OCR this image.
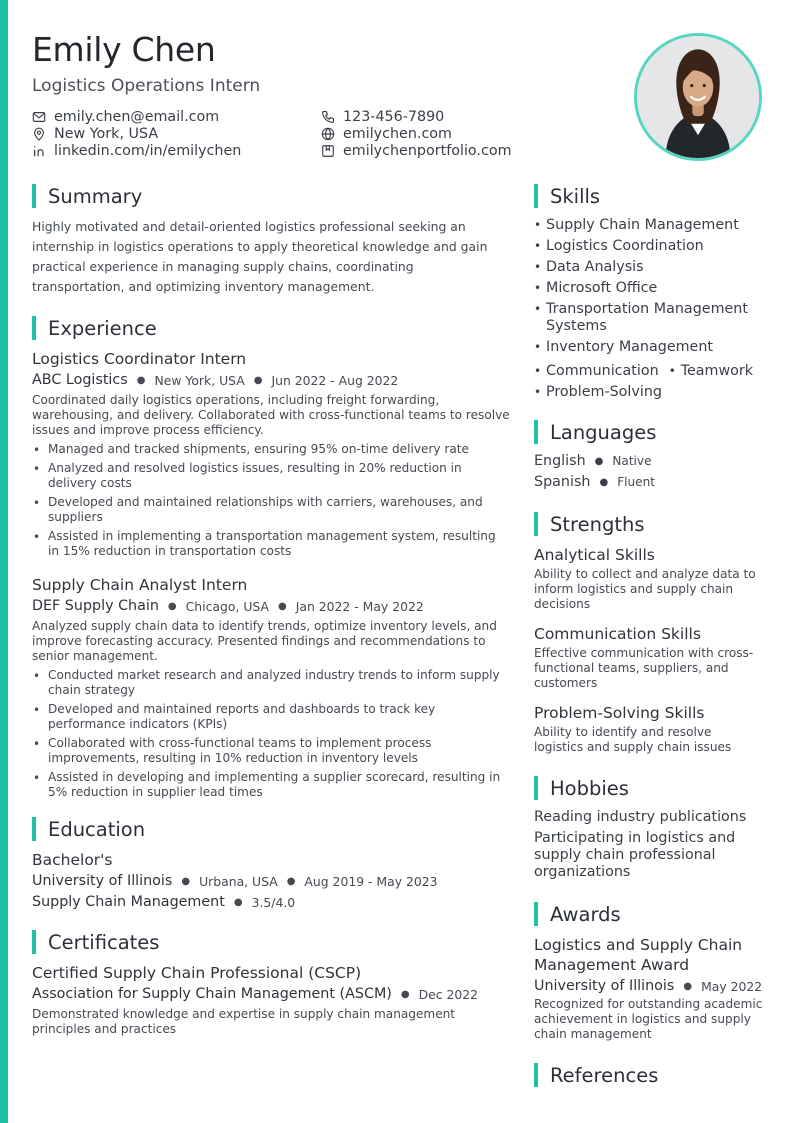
Emily Chen
Logistics Operations Intern
emily.chen@email.com	123-456-7890
New York, USA	emilychen.com
linkedin.com/in/emilychen	emilychenportfolio.com
Summary

Highly motivated and detail-oriented logistics professional seeking an internship in logistics operations to apply theoretical knowledge and gain practical experience in managing supply chains, coordinating transportation, and optimizing inventory management.

Experience
Logistics Coordinator Intern
ABC Logistics ● New York, USA ● Jun 2022 - Aug 2022

Coordinated daily logistics operations, including freight forwarding, warehousing, and delivery. Collaborated with cross-functional teams to resolve issues and improve process efficiency.

• Managed and tracked shipments, ensuring 95% on-time delivery rate
• Analyzed and resolved logistics issues, resulting in 20% reduction in delivery costs
• Developed and maintained relationships with carriers, warehouses, and suppliers
• Assisted in implementing a transportation management system, resulting in 15% reduction in transportation costs
Supply Chain Analyst Intern
DEF Supply Chain ● Chicago, USA ● Jan 2022 - May 2022

Analyzed supply chain data to identify trends, optimize inventory levels, and improve forecasting accuracy. Presented findings and recommendations to senior management.

• Conducted market research and analyzed industry trends to inform supply chain strategy
• Developed and maintained reports and dashboards to track key performance indicators (KPIs)
• Collaborated with cross-functional teams to implement process improvements, resulting in 10% reduction in inventory levels
• Assisted in developing and implementing a supplier scorecard, resulting in 5% reduction in supplier lead times
Education
Bachelor's
University of Illinois ● Urbana, USA ● Aug 2019 - May 2023
Supply Chain Management ● 3.5/4.0
Certificates
Certified Supply Chain Professional (CSCP)
Association for Supply Chain Management (ASCM) ● Dec 2022

Demonstrated knowledge and expertise in supply chain management principles and practices

Skills
• Supply Chain Management
• Logistics Coordination
• Data Analysis
• Microsoft Office
• Transportation Management Systems
• Inventory Management
• Communication• Teamwork
• Problem-Solving
Languages
English ● Native
Spanish ● Fluent
Strengths
Analytical Skills

Ability to collect and analyze data to inform logistics and supply chain decisions

Communication Skills

Effective communication with cross-functional teams, suppliers, and customers

Problem-Solving Skills

Ability to identify and resolve logistics and supply chain issues

Hobbies
Reading industry publications
Participating in logistics and supply chain professional organizations
Awards
Logistics and Supply Chain Management Award
University of Illinois ● May 2022

Recognized for outstanding academic achievement in logistics and supply chain management

References
